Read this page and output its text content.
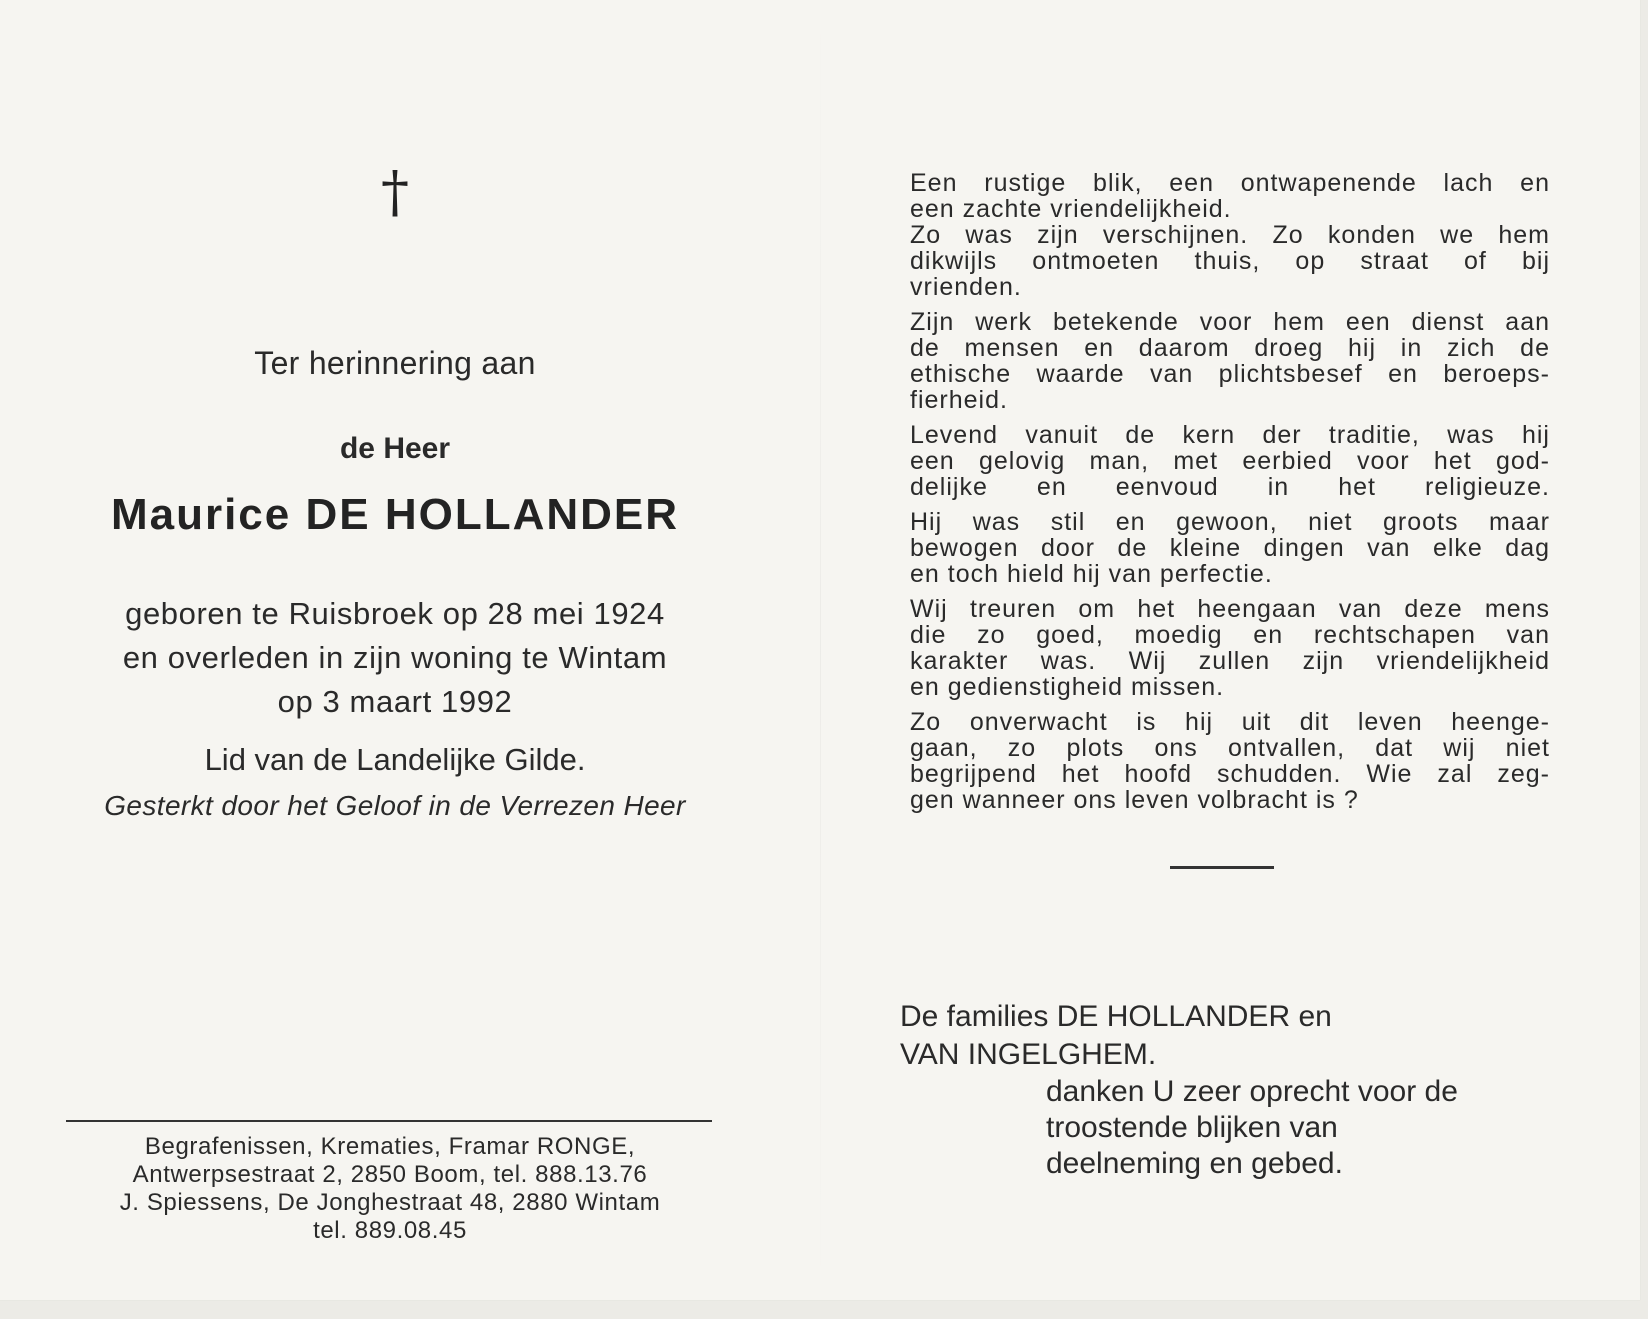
†
Ter herinnering aan
de Heer
Maurice DE HOLLANDER
geboren te Ruisbroek op 28 mei 1924
en overleden in zijn woning te Wintam
op 3 maart 1992
Lid van de Landelijke Gilde.
Gesterkt door het Geloof in de Verrezen Heer
Begrafenissen, Krematies, Framar RONGE,
Antwerpsestraat 2, 2850 Boom, tel. 888.13.76
J. Spiessens, De Jonghestraat 48, 2880 Wintam
tel. 889.08.45

Een rustige blik, een ontwapenende lach en
een zachte vriendelijkheid.
Zo was zijn verschijnen. Zo konden we hem
dikwijls ontmoeten thuis, op straat of bij
vrienden.

Zijn werk betekende voor hem een dienst aan
de mensen en daarom droeg hij in zich de
ethische waarde van plichtsbesef en beroeps-
fierheid.

Levend vanuit de kern der traditie, was hij
een gelovig man, met eerbied voor het god-
delijke en eenvoud in het religieuze.

Hij was stil en gewoon, niet groots maar
bewogen door de kleine dingen van elke dag
en toch hield hij van perfectie.

Wij treuren om het heengaan van deze mens
die zo goed, moedig en rechtschapen van
karakter was. Wij zullen zijn vriendelijkheid
en gedienstigheid missen.

Zo onverwacht is hij uit dit leven heenge-
gaan, zo plots ons ontvallen, dat wij niet
begrijpend het hoofd schudden. Wie zal zeg-
gen wanneer ons leven volbracht is ?

De families DE HOLLANDER en
VAN INGELGHEM.
danken U zeer oprecht voor de
troostende blijken van
deelneming en gebed.
